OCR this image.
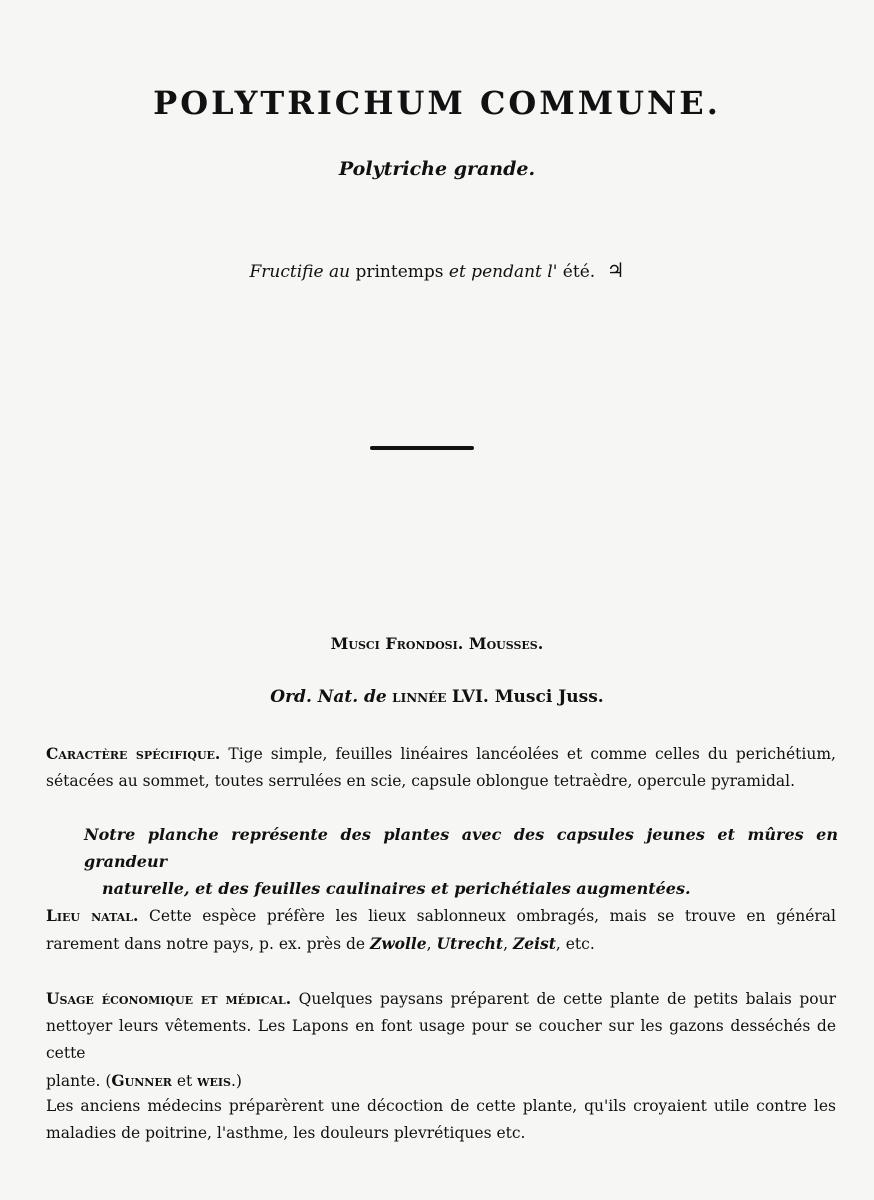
POLYTRICHUM COMMUNE.
Polytriche grande.
Fructifie au printemps et pendant l' été. ♃
Musci Frondosi. Mousses.
Ord. Nat. de linnée LVI. Musci Juss.
Caractère spécifique. Tige simple, feuilles linéaires lancéolées et comme celles du perichétium,
sétacées au sommet, toutes serrulées en scie, capsule oblongue tetraèdre, opercule pyramidal.
Notre planche représente des plantes avec des capsules jeunes et mûres en grandeur
naturelle, et des feuilles caulinaires et perichétiales augmentées.
Lieu natal. Cette espèce préfère les lieux sablonneux ombragés, mais se trouve en général
rarement dans notre pays, p. ex. près de Zwolle, Utrecht, Zeist, etc.
Usage économique et médical. Quelques paysans préparent de cette plante de petits balais pour
nettoyer leurs vêtements. Les Lapons en font usage pour se coucher sur les gazons desséchés de cette
plante. (Gunner et weis.)
Les anciens médecins préparèrent une décoction de cette plante, qu'ils croyaient utile contre les
maladies de poitrine, l'asthme, les douleurs plevrétiques etc.
